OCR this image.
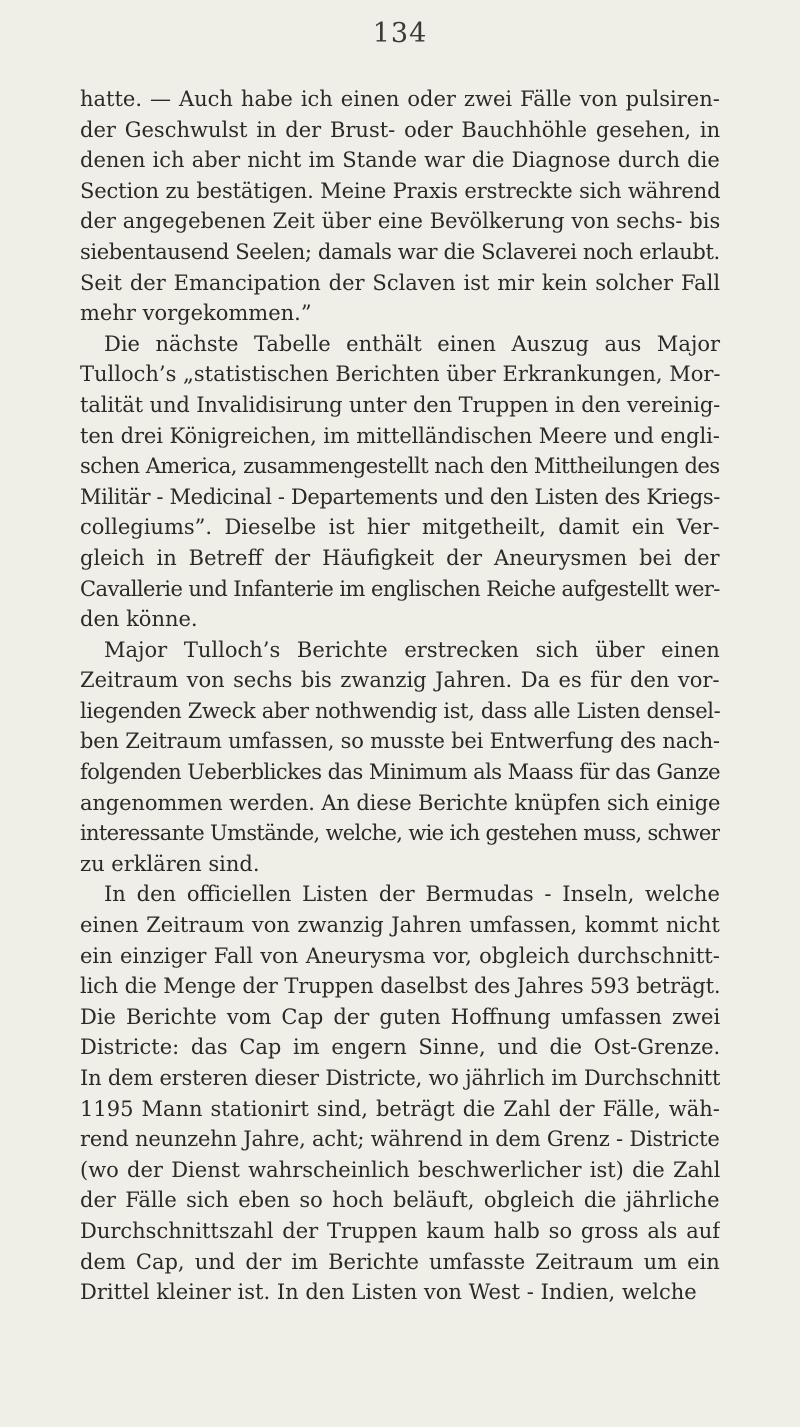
134
hatte. — Auch habe ich einen oder zwei Fälle von pulsiren-
der Geschwulst in der Brust- oder Bauchhöhle gesehen, in
denen ich aber nicht im Stande war die Diagnose durch die
Section zu bestätigen. Meine Praxis erstreckte sich während
der angegebenen Zeit über eine Bevölkerung von sechs- bis
siebentausend Seelen; damals war die Sclaverei noch erlaubt.
Seit der Emancipation der Sclaven ist mir kein solcher Fall
mehr vorgekommen.”
Die nächste Tabelle enthält einen Auszug aus Major
Tulloch’s „statistischen Berichten über Erkrankungen, Mor-
talität und Invalidisirung unter den Truppen in den vereinig-
ten drei Königreichen, im mittelländischen Meere und engli-
schen America, zusammengestellt nach den Mittheilungen des
Militär - Medicinal - Departements und den Listen des Kriegs-
collegiums”. Dieselbe ist hier mitgetheilt, damit ein Ver-
gleich in Betreff der Häufigkeit der Aneurysmen bei der
Cavallerie und Infanterie im englischen Reiche aufgestellt wer-
den könne.
Major Tulloch’s Berichte erstrecken sich über einen
Zeitraum von sechs bis zwanzig Jahren. Da es für den vor-
liegenden Zweck aber nothwendig ist, dass alle Listen densel-
ben Zeitraum umfassen, so musste bei Entwerfung des nach-
folgenden Ueberblickes das Minimum als Maass für das Ganze
angenommen werden. An diese Berichte knüpfen sich einige
interessante Umstände, welche, wie ich gestehen muss, schwer
zu erklären sind.
In den officiellen Listen der Bermudas - Inseln, welche
einen Zeitraum von zwanzig Jahren umfassen, kommt nicht
ein einziger Fall von Aneurysma vor, obgleich durchschnitt-
lich die Menge der Truppen daselbst des Jahres 593 beträgt.
Die Berichte vom Cap der guten Hoffnung umfassen zwei
Districte: das Cap im engern Sinne, und die Ost-Grenze.
In dem ersteren dieser Districte, wo jährlich im Durchschnitt
1195 Mann stationirt sind, beträgt die Zahl der Fälle, wäh-
rend neunzehn Jahre, acht; während in dem Grenz - Districte
(wo der Dienst wahrscheinlich beschwerlicher ist) die Zahl
der Fälle sich eben so hoch beläuft, obgleich die jährliche
Durchschnittszahl der Truppen kaum halb so gross als auf
dem Cap, und der im Berichte umfasste Zeitraum um ein
Drittel kleiner ist. In den Listen von West - Indien, welche
